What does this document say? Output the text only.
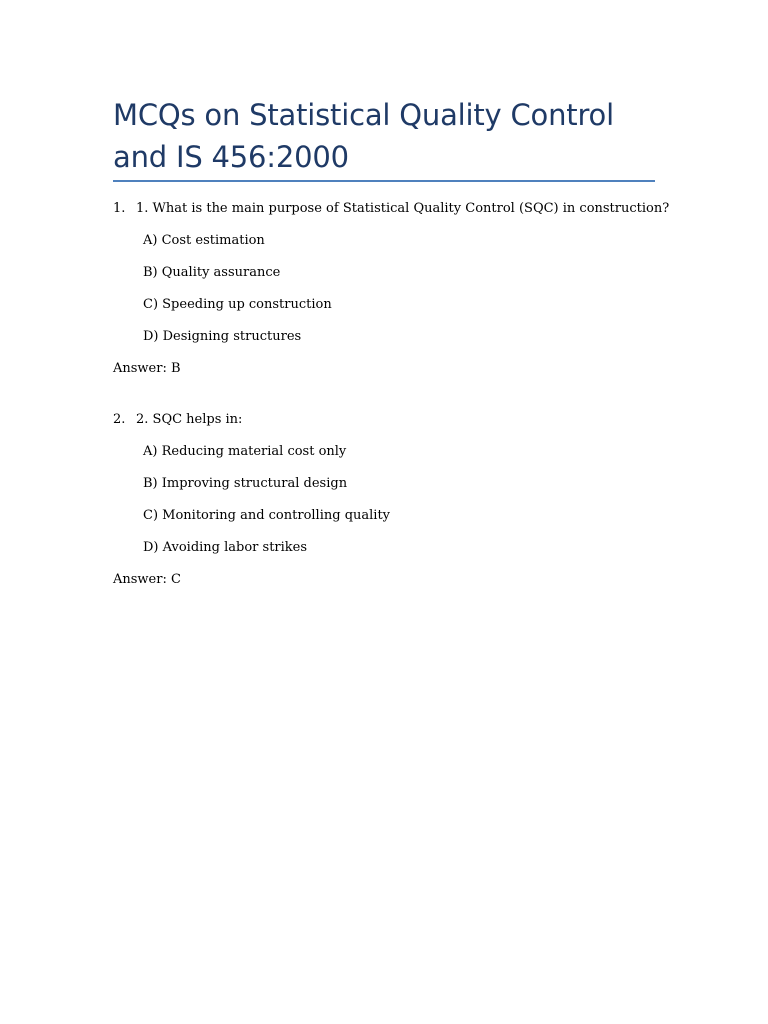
MCQs on Statistical Quality Control and IS 456:2000
1. 1. What is the main purpose of Statistical Quality Control (SQC) in construction?
A) Cost estimation
B) Quality assurance
C) Speeding up construction
D) Designing structures
Answer: B
2. 2. SQC helps in:
A) Reducing material cost only
B) Improving structural design
C) Monitoring and controlling quality
D) Avoiding labor strikes
Answer: C
